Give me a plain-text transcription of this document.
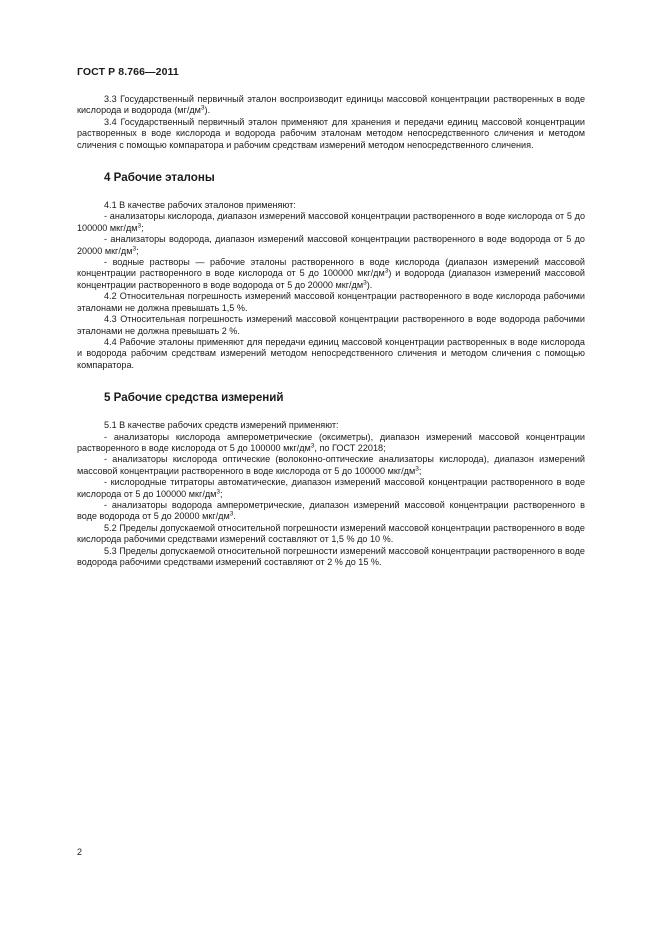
ГОСТ Р 8.766—2011

3.3 Государственный первичный эталон воспроизводит единицы массовой концентрации растворенных в воде кислорода и водорода $(мг/дм^3)$.

3.4 Государственный первичный эталон применяют для хранения и передачи единиц массовой концентрации растворенных в воде кислорода и водорода рабочим эталонам методом непосредственного сличения и методом сличения с помощью компаратора и рабочим средствам измерений методом непосредственного сличения.

4 Рабочие эталоны

4.1 В качестве рабочих эталонов применяют:

- анализаторы кислорода, диапазон измерений массовой концентрации растворенного в воде кислорода от 5 до 100000 мкг/$дм^3$;

- анализаторы водорода, диапазон измерений массовой концентрации растворенного в воде водорода от 5 до 20000 мкг/$дм^3$;

- водные растворы — рабочие эталоны растворенного в воде кислорода (диапазон измерений массовой концентрации растворенного в воде кислорода от 5 до 100000 мкг/$дм^3$) и водорода (диапазон измерений массовой концентрации растворенного в воде водорода от 5 до 20000 мкг/$дм^3$).

4.2 Относительная погрешность измерений массовой концентрации растворенного в воде кислорода рабочими эталонами не должна превышать 1,5 %.

4.3 Относительная погрешность измерений массовой концентрации растворенного в воде водорода рабочими эталонами не должна превышать 2 %.

4.4 Рабочие эталоны применяют для передачи единиц массовой концентрации растворенных в воде кислорода и водорода рабочим средствам измерений методом непосредственного сличения и методом сличения с помощью компаратора.

5 Рабочие средства измерений

5.1 В качестве рабочих средств измерений применяют:

- анализаторы кислорода амперометрические (оксиметры), диапазон измерений массовой концентрации растворенного в воде кислорода от 5 до 100000 мкг/$дм^3$, по ГОСТ 22018;

- анализаторы кислорода оптические (волоконно-оптические анализаторы кислорода), диапазон измерений массовой концентрации растворенного в воде кислорода от 5 до 100000 мкг/$дм^3$;

- кислородные титраторы автоматические, диапазон измерений массовой концентрации растворенного в воде кислорода от 5 до 100000 мкг/$дм^3$;

- анализаторы водорода амперометрические, диапазон измерений массовой концентрации растворенного в воде водорода от 5 до 20000 мкг/$дм^3$.

5.2 Пределы допускаемой относительной погрешности измерений массовой концентрации растворенного в воде кислорода рабочими средствами измерений составляют от 1,5 % до 10 %.

5.3 Пределы допускаемой относительной погрешности измерений массовой концентрации растворенного в воде водорода рабочими средствами измерений составляют от 2 % до 15 %.

2
